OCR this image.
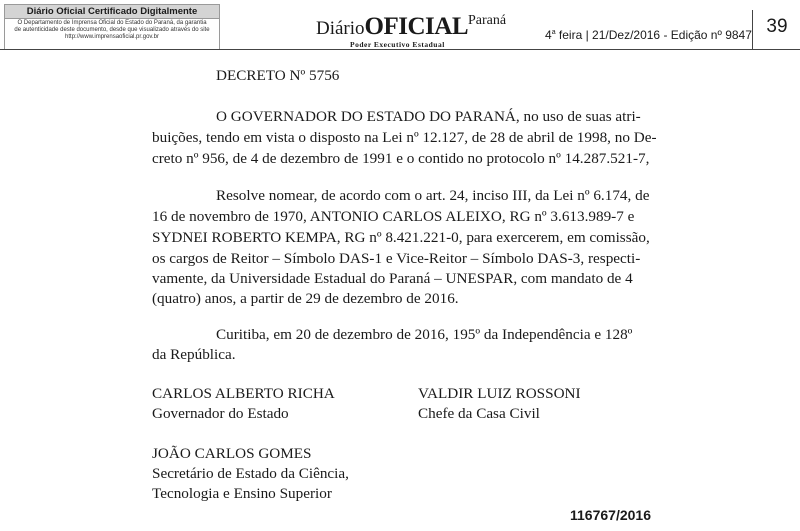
Diário Oficial Certificado Digitalmente
O Departamento de Imprensa Oficial do Estado do Paraná, da garantia
de autenticidade deste documento, desde que visualizado através do site
http://www.imprensaoficial.pr.gov.br	DiárioOFICIALParaná
Poder Executivo Estadual
4$^a$ feira | 21/Dez/2016 - Edição nº 9847 39
DECRETO Nº 5756
O GOVERNADOR DO ESTADO DO PARANÁ, no uso de suas atri-
buições, tendo em vista o disposto na Lei nº 12.127, de 28 de abril de 1998, no De-
creto nº 956, de 4 de dezembro de 1991 e o contido no protocolo nº 14.287.521-7,
Resolve nomear, de acordo com o art. 24, inciso III, da Lei nº 6.174, de
16 de novembro de 1970, ANTONIO CARLOS ALEIXO, RG nº 3.613.989-7 e
SYDNEI ROBERTO KEMPA, RG nº 8.421.221-0, para exercerem, em comissão,
os cargos de Reitor – Símbolo DAS-1 e Vice-Reitor – Símbolo DAS-3, respecti-
vamente, da Universidade Estadual do Paraná – UNESPAR, com mandato de 4
(quatro) anos, a partir de 29 de dezembro de 2016.
Curitiba, em 20 de dezembro de 2016, 195º da Independência e 128º
da República.
CARLOS ALBERTO RICHA
Governador do Estado
VALDIR LUIZ ROSSONI
Chefe da Casa Civil
JOÃO CARLOS GOMES
Secretário de Estado da Ciência,
Tecnologia e Ensino Superior
116767/2016
